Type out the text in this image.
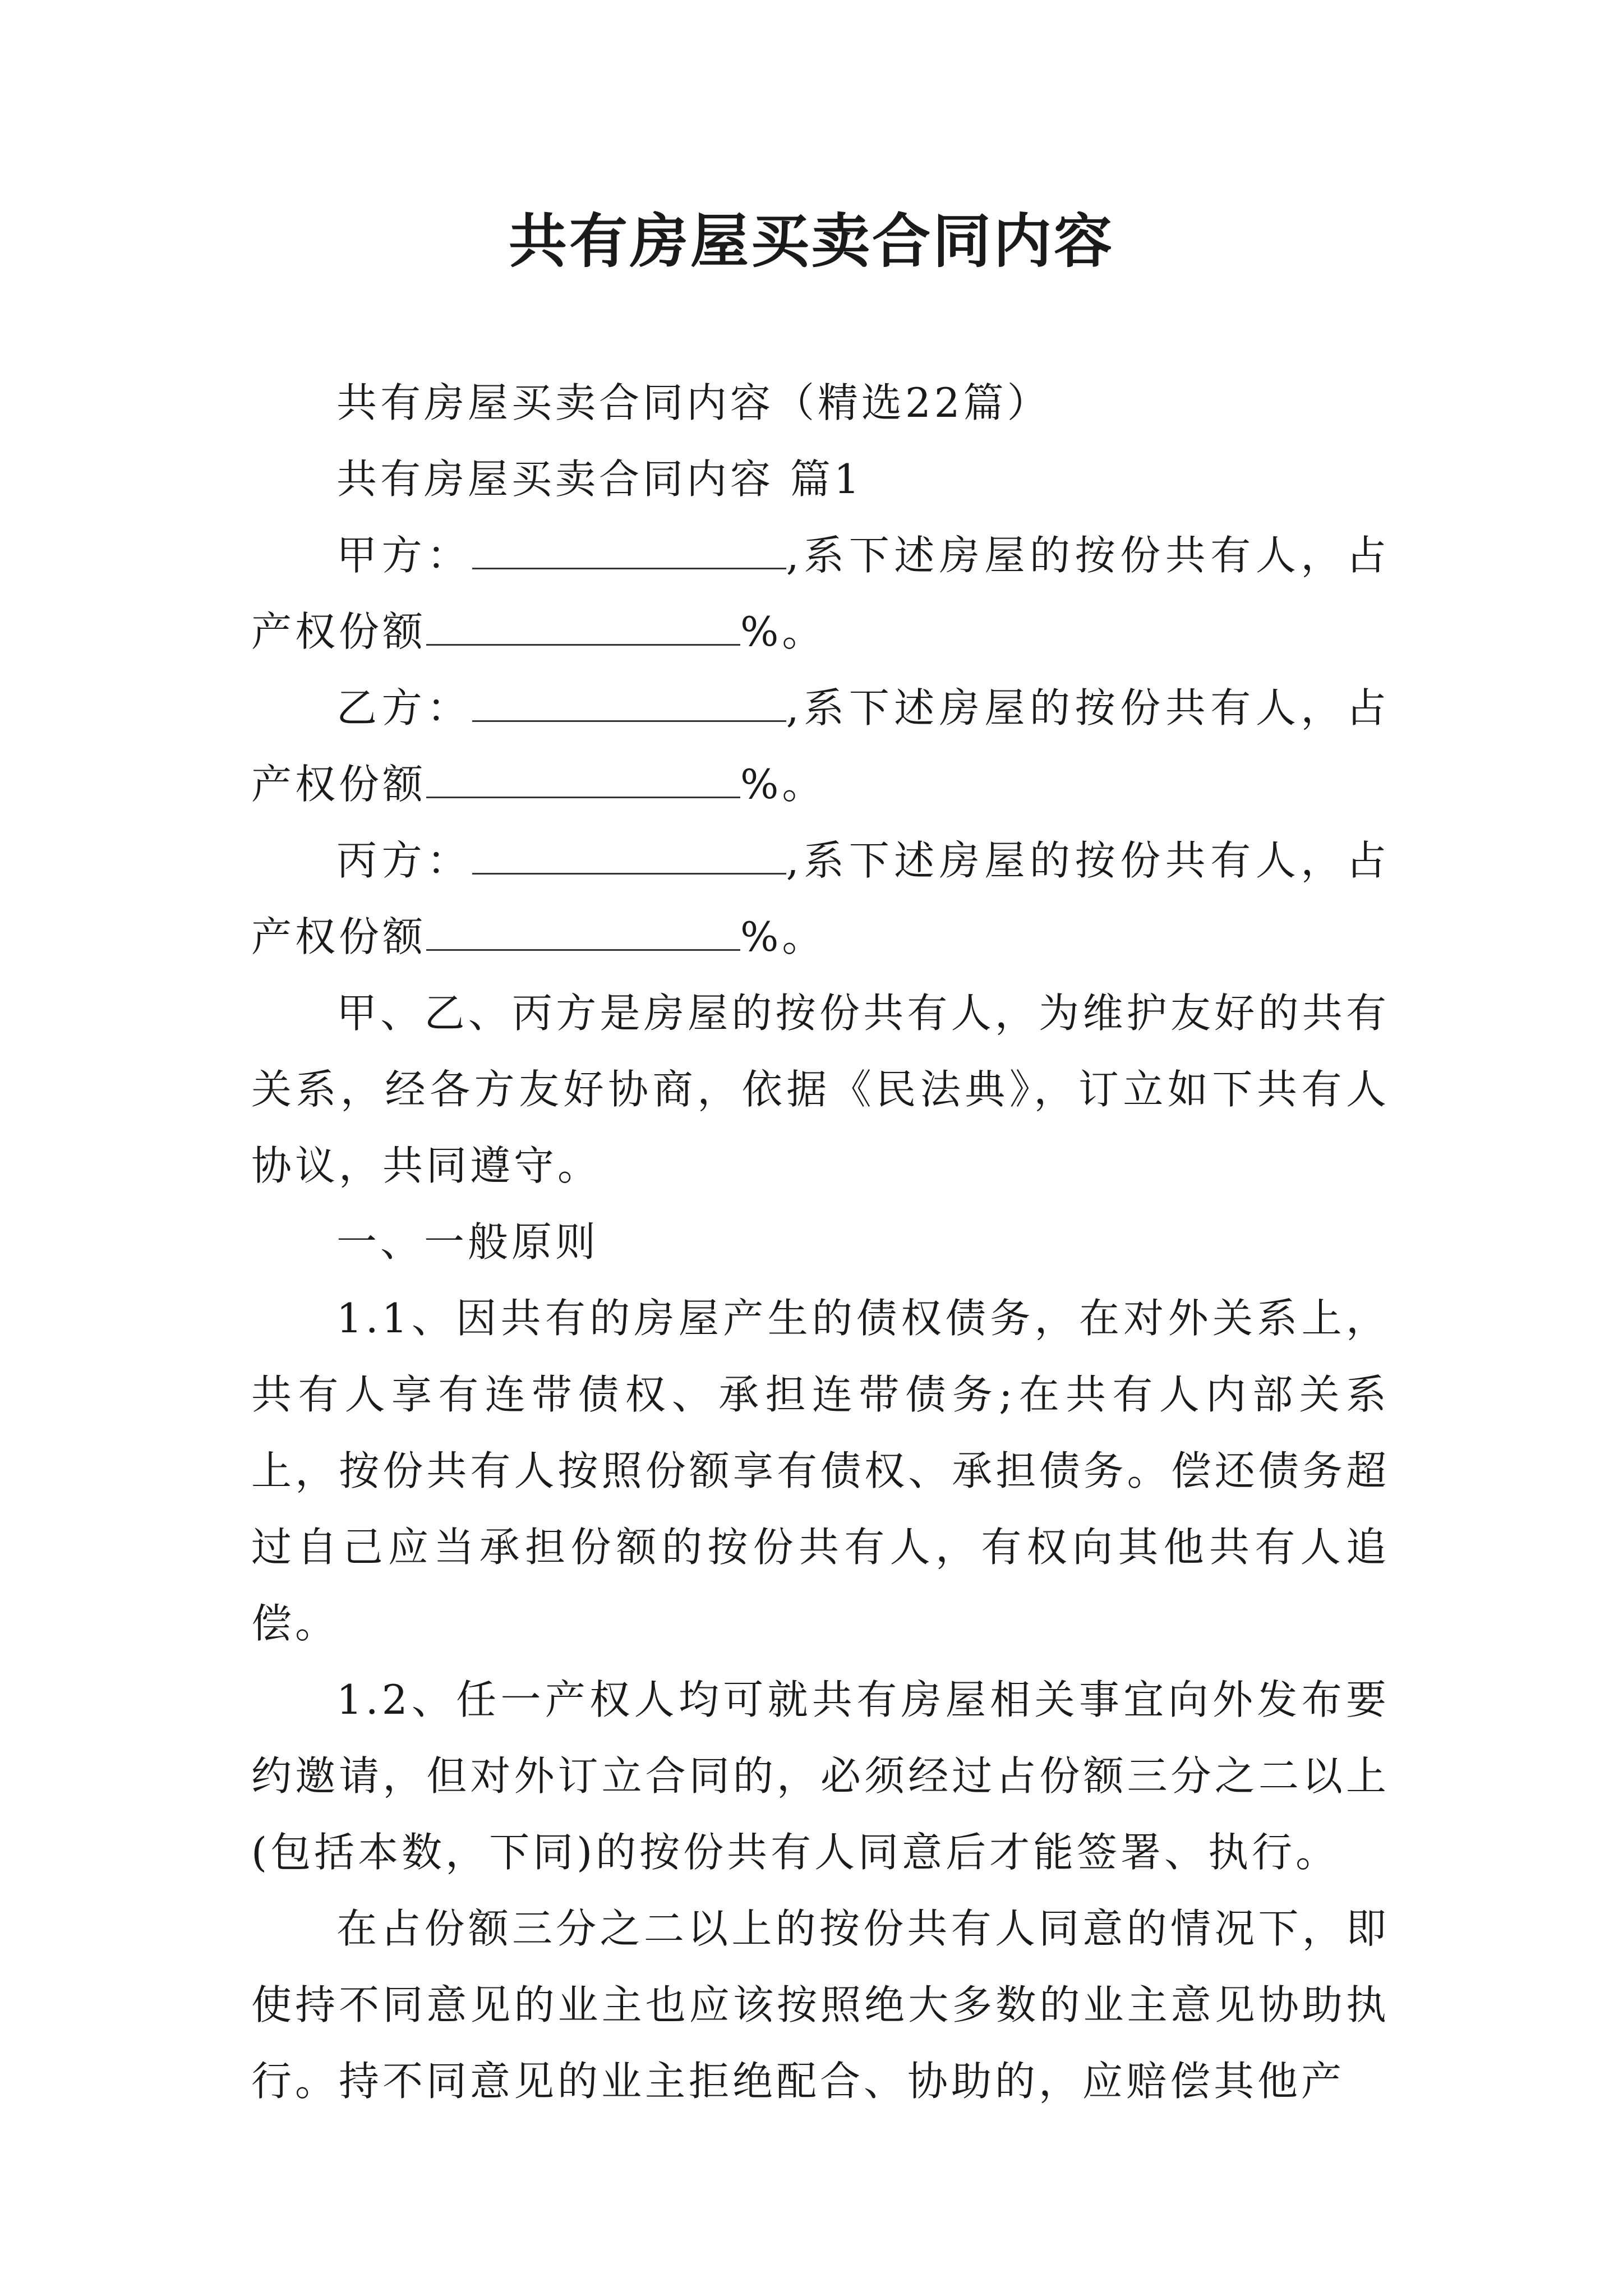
共有房屋买卖合同内容

共有房屋买卖合同内容（精选22篇）

共有房屋买卖合同内容 篇1

甲方：	,系下述房屋的按份共有人，占产权份额	%。

乙方：	,系下述房屋的按份共有人，占产权份额	%。

丙方：	,系下述房屋的按份共有人，占产权份额	%。

甲、乙、丙方是房屋的按份共有人，为维护友好的共有关系，经各方友好协商，依据《民法典》，订立如下共有人协议，共同遵守。

一、一般原则

1.1、因共有的房屋产生的债权债务，在对外关系上，共有人享有连带债权、承担连带债务;在共有人内部关系上，按份共有人按照份额享有债权、承担债务。偿还债务超过自己应当承担份额的按份共有人，有权向其他共有人追偿。

1.2、任一产权人均可就共有房屋相关事宜向外发布要约邀请，但对外订立合同的，必须经过占份额三分之二以上(包括本数，下同)的按份共有人同意后才能签署、执行。

在占份额三分之二以上的按份共有人同意的情况下，即使持不同意见的业主也应该按照绝大多数的业主意见协助执行。持不同意见的业主拒绝配合、协助的，应赔偿其他产
